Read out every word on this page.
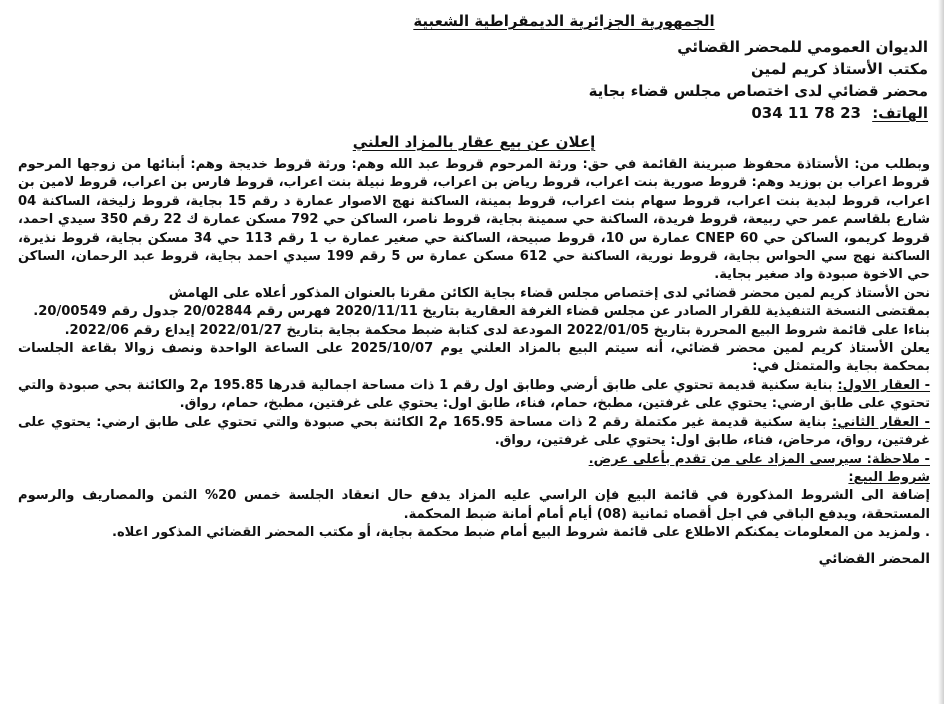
الجمهورية الجزائرية الديمقراطية الشعبية
الديوان العمومي للمحضر القضائي
مكتب الأستاذ كريم لمين
محضر قضائي لدى اختصاص مجلس قضاء بجاية
الهاتف: 034 11 78 23
إعلان عن بيع عقار بالمزاد العلني

وبطلب من: الأستاذة محفوظ صبرينة القائمة في حق: ورثة المرحوم قروط عبد الله وهم: ورثة قروط خديجة وهم: أبنائها من زوجها المرحوم قروط اعراب بن بوزيد وهم: قروط صورية بنت اعراب، قروط رياض بن اعراب، قروط نبيلة بنت اعراب، قروط فارس بن اعراب، قروط لامين بن اعراب، قروط لبدية بنت اعراب، قروط سهام بنت اعراب، قروط بمينة، الساكنة نهج الاصوار عمارة د رقم 15 بجاية، قروط زليخة، الساكنة 04 شارع بلقاسم عمر حي ربيعة، قروط فريدة، الساكنة حي سمينة بجاية، قروط ناصر، الساكن حي 792 مسكن عمارة ك 22 رقم 350 سيدي احمد، قروط كريمو، الساكن حي CNEP 60 عمارة س 10، قروط صبيحة، الساكنة حي صغير عمارة ب 1 رقم 113 حي 34 مسكن بجاية، قروط نذيرة، الساكنة نهج سي الحواس بجاية، قروط نورية، الساكنة حي 612 مسكن عمارة س 5 رقم 199 سيدي احمد بجاية، قروط عبد الرحمان، الساكن حي الاخوة صبودة واد صغير بجاية.

نحن الأستاذ كريم لمين محضر قضائي لدى إختصاص مجلس قضاء بجاية الكائن مقرنا بالعنوان المذكور أعلاه على الهامش

بمقتضى النسخة التنفيذية للقرار الصادر عن مجلس قضاء الغرفة العقارية بتاريخ 2020/11/11 فهرس رقم 20/02844 جدول رقم 20/00549.

بناءا على قائمة شروط البيع المحررة بتاريخ 2022/01/05 المودعة لدى كتابة ضبط محكمة بجاية بتاريخ 2022/01/27 إيداع رقم 2022/06.

يعلن الأستاذ كريم لمين محضر قضائي، أنه سيتم البيع بالمزاد العلني يوم 2025/10/07 على الساعة الواحدة ونصف زوالا بقاعة الجلسات بمحكمة بجاية والمتمثل في:

- العقار الاول: بناية سكنية قديمة تحتوي على طابق أرضي وطابق اول رقم 1 ذات مساحة اجمالية قدرها 195.85 م2 والكائنة بحي صبودة والتي تحتوي على طابق ارضي: يحتوي على غرفتين، مطبخ، حمام، فناء، طابق اول: يحتوي على غرفتين، مطبخ، حمام، رواق.

- العقار الثاني: بناية سكنية قديمة غير مكتملة رقم 2 ذات مساحة 165.95 م2 الكائنة بحي صبودة والتي تحتوي على طابق ارضي: يحتوي على غرفتين، رواق، مرحاض، فناء، طابق اول: يحتوي على غرفتين، رواق.

- ملاحظة: سيرسى المزاد على من تقدم بأعلى عرض.

شروط البيع:

إضافة الى الشروط المذكورة في قائمة البيع فإن الراسي عليه المزاد يدفع حال انعقاد الجلسة خمس 20% الثمن والمصاريف والرسوم المستحقة، ويدفع الباقي في اجل أقصاه ثمانية (08) أيام أمام أمانة ضبط المحكمة.

. ولمزيد من المعلومات يمكنكم الاطلاع على قائمة شروط البيع أمام ضبط محكمة بجاية، أو مكتب المحضر القضائي المذكور اعلاه.

المحضر القضائي
